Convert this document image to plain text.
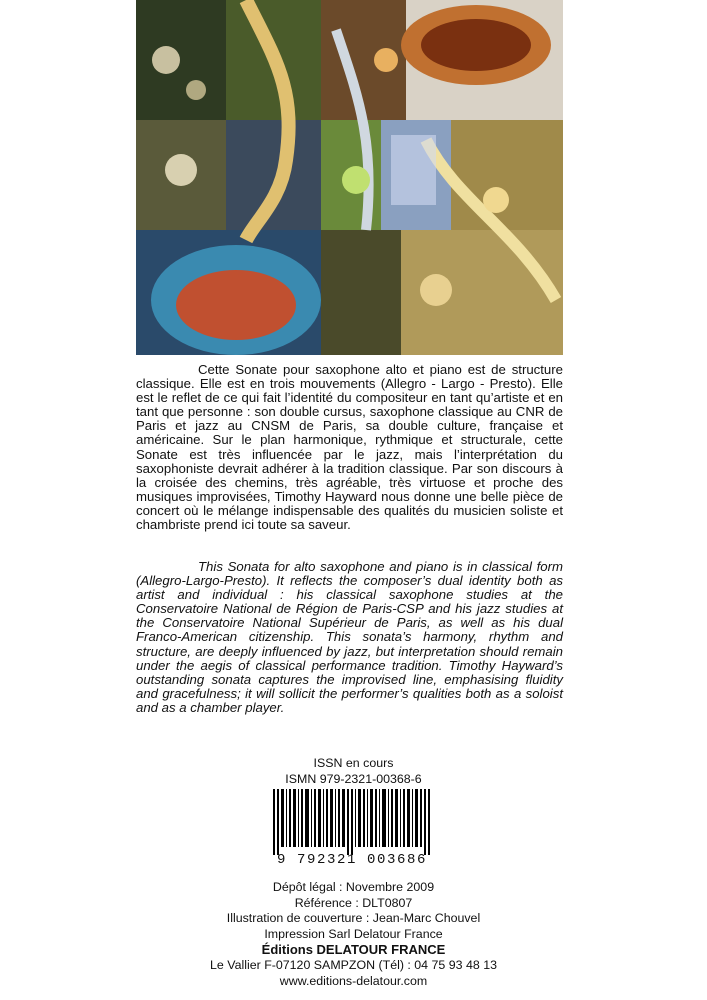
Cette Sonate pour saxophone alto et piano est de structure classique. Elle est en trois mouvements (Allegro - Largo - Presto). Elle est le reflet de ce qui fait l’identité du compositeur en tant qu’artiste et en tant que personne : son double cursus, saxophone classique au CNR de Paris et jazz au CNSM de Paris, sa double culture, française et américaine. Sur le plan harmonique, rythmique et structurale, cette Sonate est très influencée par le jazz, mais l’interprétation du saxophoniste devrait adhérer à la tradition classique. Par son discours à la croisée des chemins, très agréable, très virtuose et proche des musiques improvisées, Timothy Hayward nous donne une belle pièce de concert où le mélange indispensable des qualités du musicien soliste et chambriste prend ici toute sa saveur.

This Sonata for alto saxophone and piano is in classical form (Allegro-Largo-Presto). It reflects the composer’s dual identity both as artist and individual : his classical saxophone studies at the Conservatoire National de Région de Paris-CSP and his jazz studies at the Conservatoire National Supérieur de Paris, as well as his dual Franco-American citizenship. This sonata’s harmony, rhythm and structure, are deeply influenced by jazz, but interpretation should remain under the aegis of classical performance tradition. Timothy Hayward’s outstanding sonata captures the improvised line, emphasising fluidity and gracefulness; it will sollicit the performer’s qualities both as a soloist and as a chamber player.

ISSN en cours
ISMN 979-2321-00368-6
9 792321 003686
Dépôt légal : Novembre 2009
Référence : DLT0807
Illustration de couverture : Jean-Marc Chouvel
Impression Sarl Delatour France
Éditions DELATOUR FRANCE
Le Vallier F-07120 SAMPZON (Tél) : 04 75 93 48 13
www.editions-delatour.com
